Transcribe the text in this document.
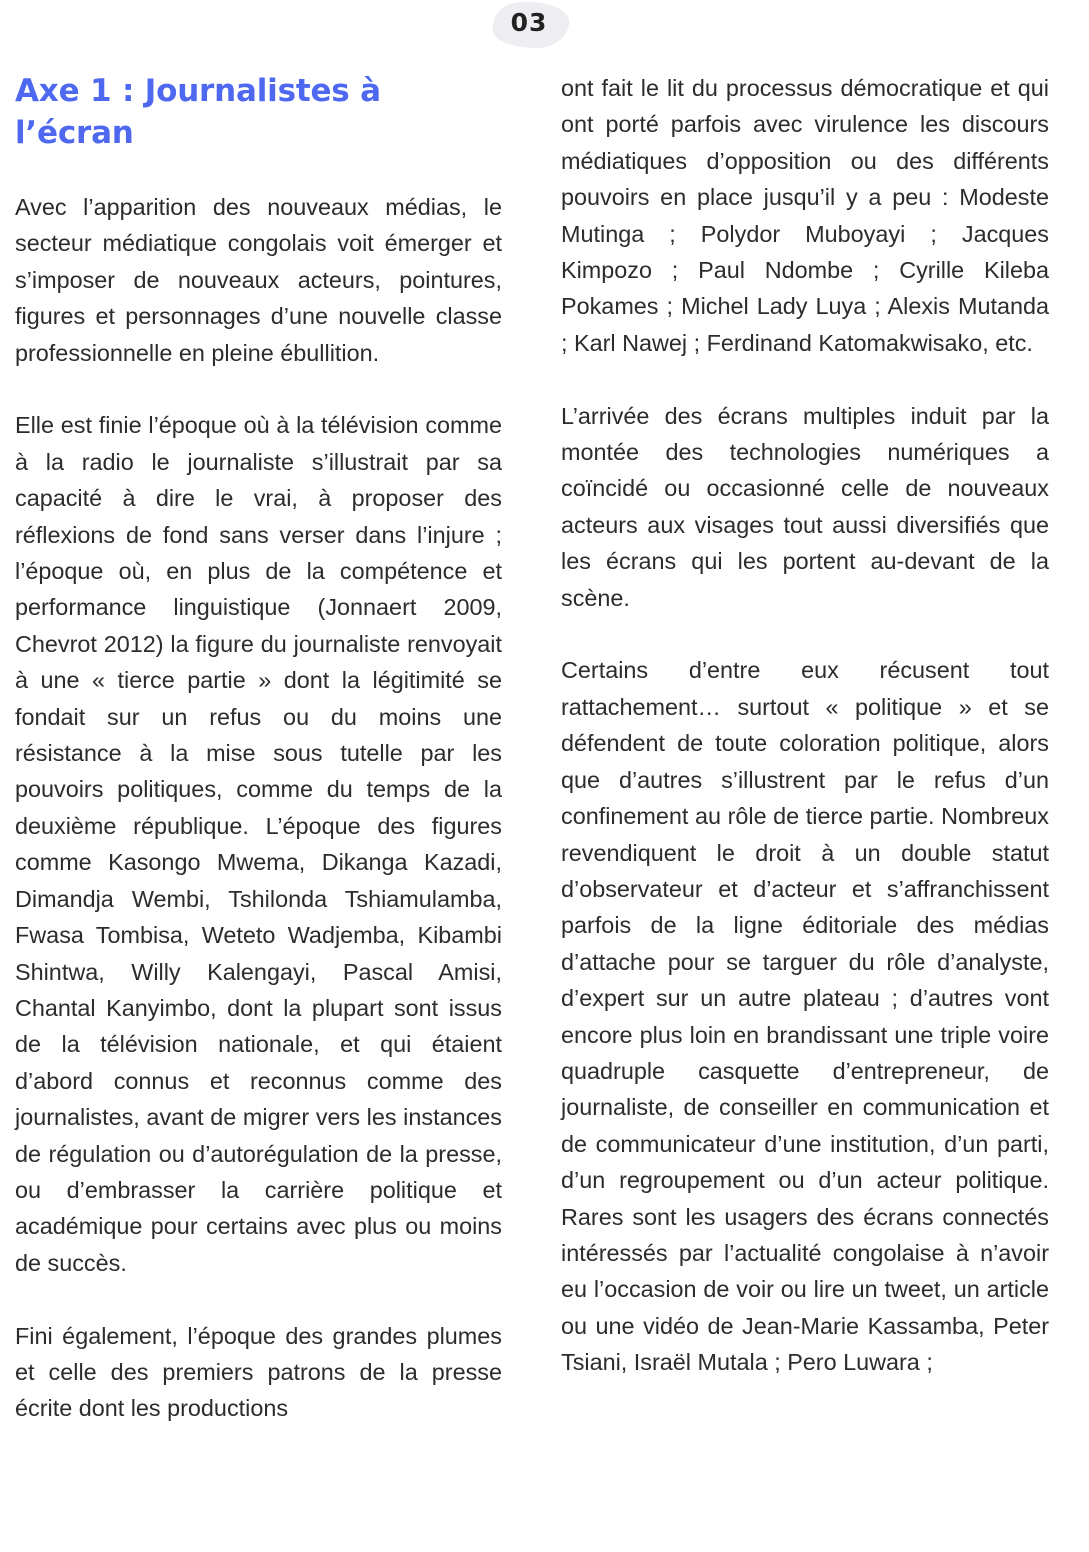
03
Axe 1 : Journalistes à l’écran

Avec l’apparition des nouveaux médias, le secteur médiatique congolais voit émerger et s’imposer de nouveaux acteurs, pointures, figures et personnages d’une nouvelle classe professionnelle en pleine ébullition.

Elle est finie l’époque où à la télévision comme à la radio le journaliste s’illustrait par sa capacité à dire le vrai, à proposer des réflexions de fond sans verser dans l’injure ; l’époque où, en plus de la compétence et performance linguistique (Jonnaert 2009, Chevrot 2012) la figure du journaliste renvoyait à une « tierce partie » dont la légitimité se fondait sur un refus ou du moins une résistance à la mise sous tutelle par les pouvoirs politiques, comme du temps de la deuxième république. L’époque des figures comme Kasongo Mwema, Dikanga Kazadi, Dimandja Wembi, Tshilonda Tshiamulamba, Fwasa Tombisa, Weteto Wadjemba, Kibambi Shintwa, Willy Kalengayi, Pascal Amisi, Chantal Kanyimbo, dont la plupart sont issus de la télévision nationale, et qui étaient d’abord connus et reconnus comme des journalistes, avant de migrer vers les instances de régulation ou d’autorégulation de la presse, ou d’embrasser la carrière politique et académique pour certains avec plus ou moins de succès.

Fini également, l’époque des grandes plumes et celle des premiers patrons de la presse écrite dont les productions

ont fait le lit du processus démocratique et qui ont porté parfois avec virulence les discours médiatiques d’opposition ou des différents pouvoirs en place jusqu’il y a peu : Modeste Mutinga ; Polydor Muboyayi ; Jacques Kimpozo ; Paul Ndombe ; Cyrille Kileba Pokames ; Michel Lady Luya ; Alexis Mutanda ; Karl Nawej ; Ferdinand Katomakwisako, etc.

L’arrivée des écrans multiples induit par la montée des technologies numériques a coïncidé ou occasionné celle de nouveaux acteurs aux visages tout aussi diversifiés que les écrans qui les portent au-devant de la scène.

Certains d’entre eux récusent tout rattachement… surtout « politique » et se défendent de toute coloration politique, alors que d’autres s’illustrent par le refus d’un confinement au rôle de tierce partie. Nombreux revendiquent le droit à un double statut d’observateur et d’acteur et s’affranchissent parfois de la ligne éditoriale des médias d’attache pour se targuer du rôle d’analyste, d’expert sur un autre plateau ; d’autres vont encore plus loin en brandissant une triple voire quadruple casquette d’entrepreneur, de journaliste, de conseiller en communication et de communicateur d’une institution, d’un parti, d’un regroupement ou d’un acteur politique. Rares sont les usagers des écrans connectés intéressés par l’actualité congolaise à n’avoir eu l’occasion de voir ou lire un tweet, un article ou une vidéo de Jean-Marie Kassamba, Peter Tsiani, Israël Mutala ; Pero Luwara ;
